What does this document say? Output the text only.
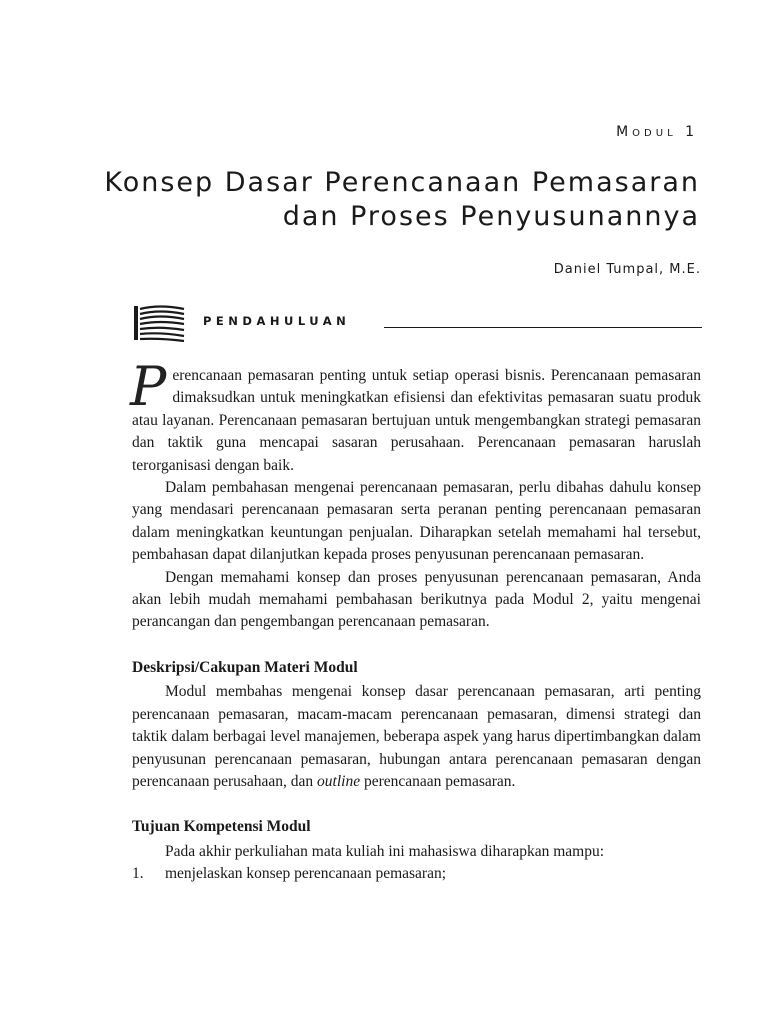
Modul 1
Konsep Dasar Perencanaan Pemasaran
dan Proses Penyusunannya
Daniel Tumpal, M.E.
PENDAHULUAN

Perencanaan pemasaran penting untuk setiap operasi bisnis. Perencanaan pemasaran dimaksudkan untuk meningkatkan efisiensi dan efektivitas pemasaran suatu produk atau layanan. Perencanaan pemasaran bertujuan untuk mengembangkan strategi pemasaran dan taktik guna mencapai sasaran perusahaan. Perencanaan pemasaran haruslah terorganisasi dengan baik.

Dalam pembahasan mengenai perencanaan pemasaran, perlu dibahas dahulu konsep yang mendasari perencanaan pemasaran serta peranan penting perencanaan pemasaran dalam meningkatkan keuntungan penjualan. Diharapkan setelah memahami hal tersebut, pembahasan dapat dilanjutkan kepada proses penyusunan perencanaan pemasaran.

Dengan memahami konsep dan proses penyusunan perencanaan pemasaran, Anda akan lebih mudah memahami pembahasan berikutnya pada Modul 2, yaitu mengenai perancangan dan pengembangan perencanaan pemasaran.

Deskripsi/Cakupan Materi Modul

Modul membahas mengenai konsep dasar perencanaan pemasaran, arti penting perencanaan pemasaran, macam-macam perencanaan pemasaran, dimensi strategi dan taktik dalam berbagai level manajemen, beberapa aspek yang harus dipertimbangkan dalam penyusunan perencanaan pemasaran, hubungan antara perencanaan pemasaran dengan perencanaan perusahaan, dan outline perencanaan pemasaran.

Tujuan Kompetensi Modul

Pada akhir perkuliahan mata kuliah ini mahasiswa diharapkan mampu:

1.	menjelaskan konsep perencanaan pemasaran;
